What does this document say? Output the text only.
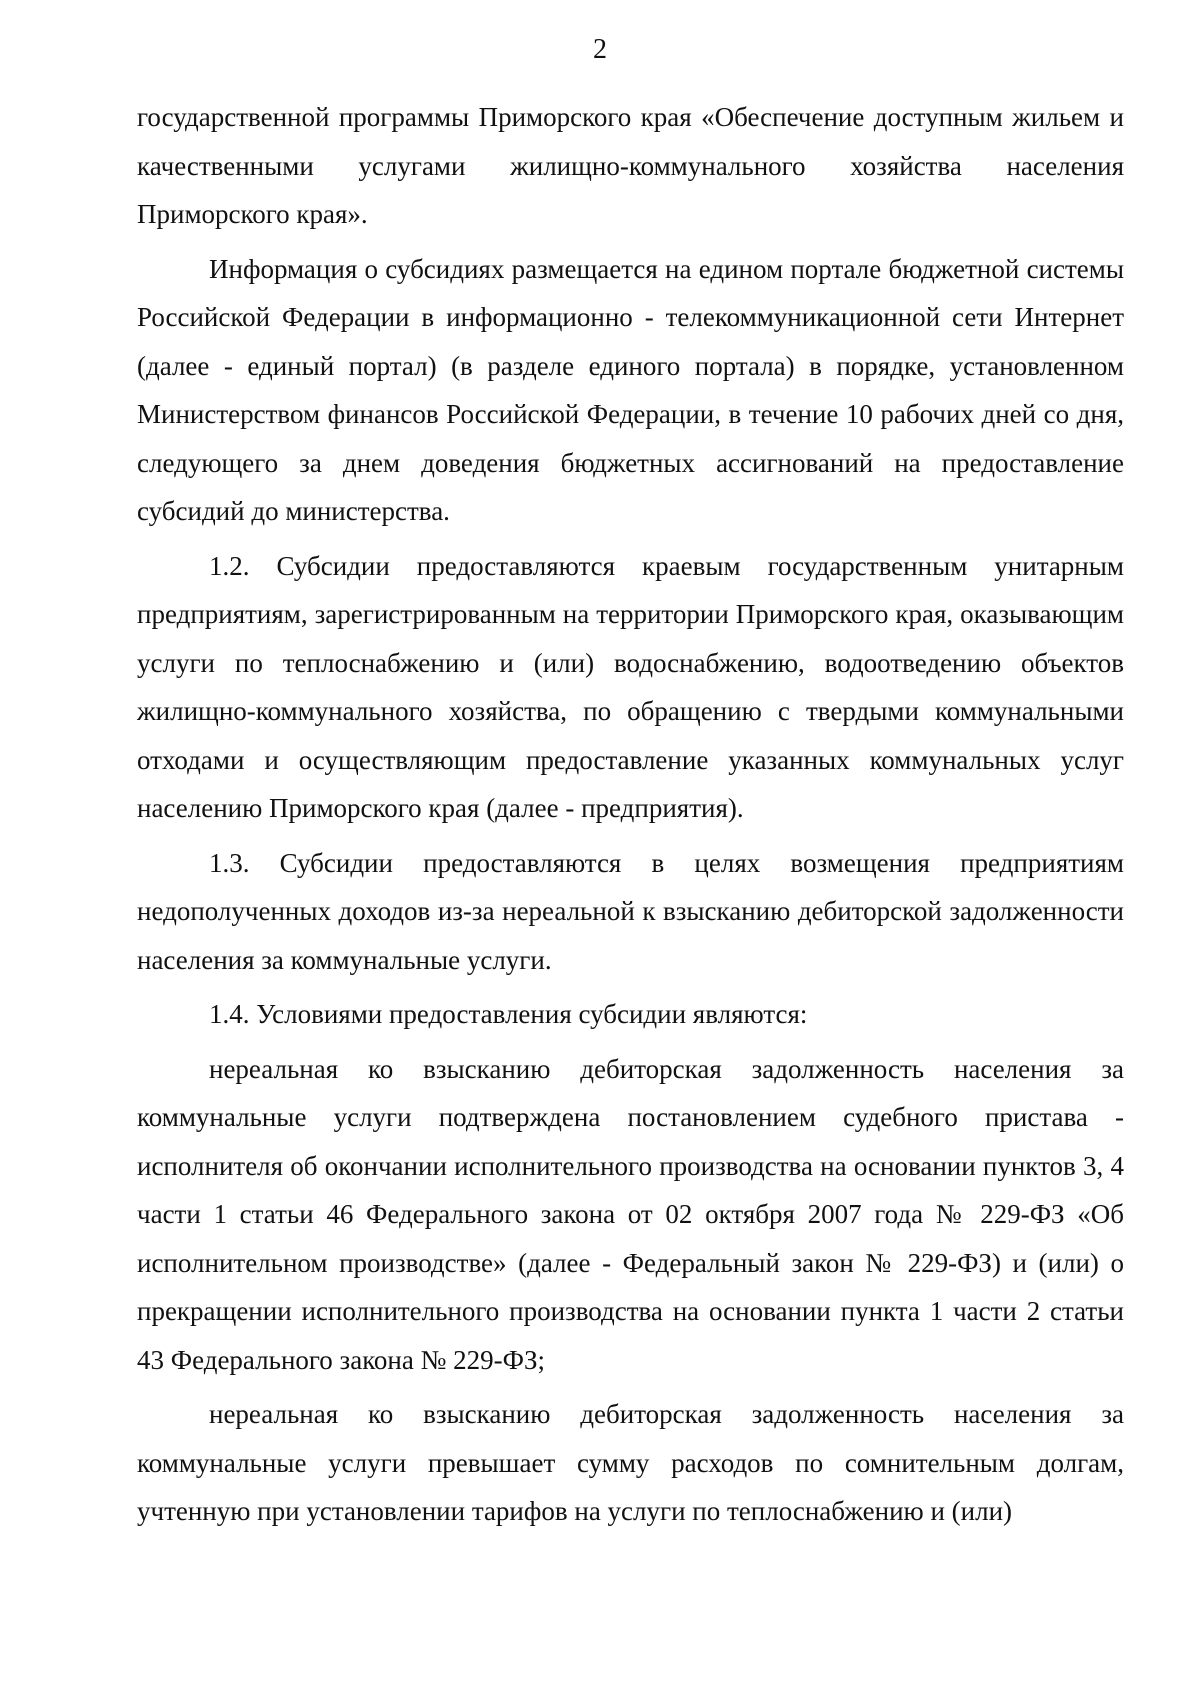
2

государственной программы Приморского края «Обеспечение доступным жильем и качественными услугами жилищно-коммунального хозяйства населения Приморского края».

Информация о субсидиях размещается на едином портале бюджетной системы Российской Федерации в информационно - телекоммуникационной сети Интернет (далее - единый портал) (в разделе единого портала) в порядке, установленном Министерством финансов Российской Федерации, в течение 10 рабочих дней со дня, следующего за днем доведения бюджетных ассигнований на предоставление субсидий до министерства.

1.2. Субсидии предоставляются краевым государственным унитарным предприятиям, зарегистрированным на территории Приморского края, оказывающим услуги по теплоснабжению и (или) водоснабжению, водоотведению объектов жилищно-коммунального хозяйства, по обращению с твердыми коммунальными отходами и осуществляющим предоставление указанных коммунальных услуг населению Приморского края (далее - предприятия).

1.3. Субсидии предоставляются в целях возмещения предприятиям недополученных доходов из-за нереальной к взысканию дебиторской задолженности населения за коммунальные услуги.

1.4. Условиями предоставления субсидии являются:

нереальная ко взысканию дебиторская задолженность населения за коммунальные услуги подтверждена постановлением судебного пристава - исполнителя об окончании исполнительного производства на основании пунктов 3, 4 части 1 статьи 46 Федерального закона от 02 октября 2007 года № 229-ФЗ «Об исполнительном производстве» (далее - Федеральный закон № 229-ФЗ) и (или) о прекращении исполнительного производства на основании пункта 1 части 2 статьи 43 Федерального закона № 229-ФЗ;

нереальная ко взысканию дебиторская задолженность населения за коммунальные услуги превышает сумму расходов по сомнительным долгам, учтенную при установлении тарифов на услуги по теплоснабжению и (или)
